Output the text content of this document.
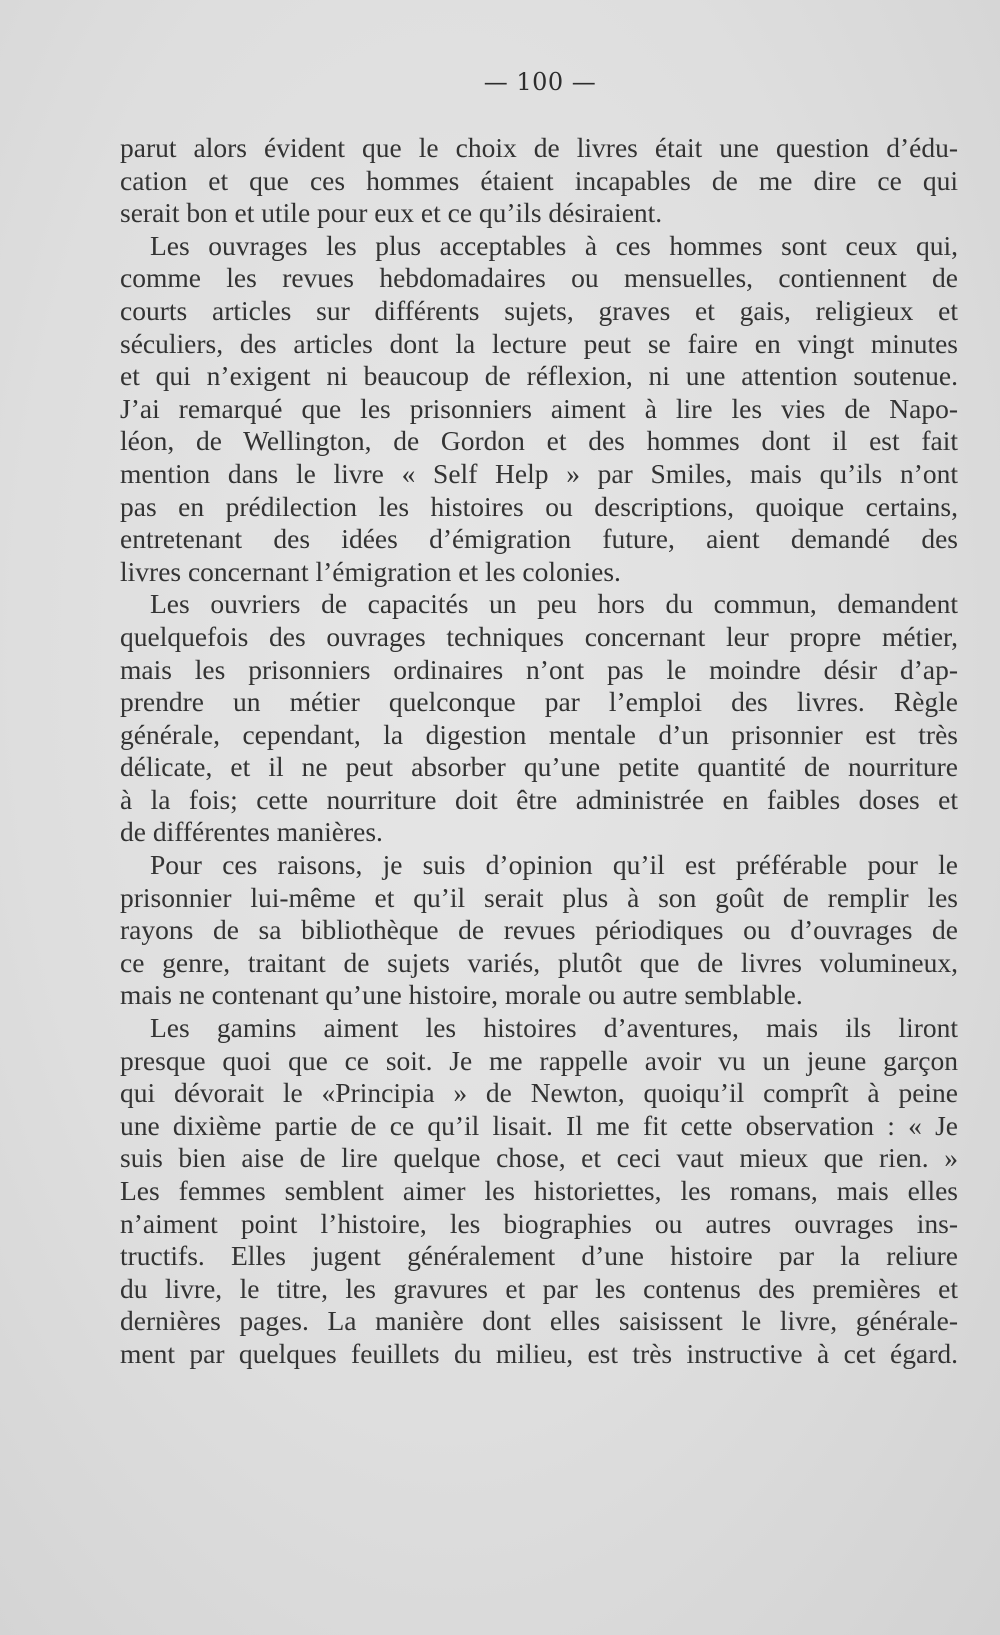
— 100 —
parut alors évident que le choix de livres était une question d’édu-
cation et que ces hommes étaient incapables de me dire ce qui
serait bon et utile pour eux et ce qu’ils désiraient.
Les ouvrages les plus acceptables à ces hommes sont ceux qui,
comme les revues hebdomadaires ou mensuelles, contiennent de
courts articles sur différents sujets, graves et gais, religieux et
séculiers, des articles dont la lecture peut se faire en vingt minutes
et qui n’exigent ni beaucoup de réflexion, ni une attention soutenue.
J’ai remarqué que les prisonniers aiment à lire les vies de Napo-
léon, de Wellington, de Gordon et des hommes dont il est fait
mention dans le livre « Self Help » par Smiles, mais qu’ils n’ont
pas en prédilection les histoires ou descriptions, quoique certains,
entretenant des idées d’émigration future, aient demandé des
livres concernant l’émigration et les colonies.
Les ouvriers de capacités un peu hors du commun, demandent
quelquefois des ouvrages techniques concernant leur propre métier,
mais les prisonniers ordinaires n’ont pas le moindre désir d’ap-
prendre un métier quelconque par l’emploi des livres. Règle
générale, cependant, la digestion mentale d’un prisonnier est très
délicate, et il ne peut absorber qu’une petite quantité de nourriture
à la fois; cette nourriture doit être administrée en faibles doses et
de différentes manières.
Pour ces raisons, je suis d’opinion qu’il est préférable pour le
prisonnier lui-même et qu’il serait plus à son goût de remplir les
rayons de sa bibliothèque de revues périodiques ou d’ouvrages de
ce genre, traitant de sujets variés, plutôt que de livres volumineux,
mais ne contenant qu’une histoire, morale ou autre semblable.
Les gamins aiment les histoires d’aventures, mais ils liront
presque quoi que ce soit. Je me rappelle avoir vu un jeune garçon
qui dévorait le «Principia » de Newton, quoiqu’il comprît à peine
une dixième partie de ce qu’il lisait. Il me fit cette observation : « Je
suis bien aise de lire quelque chose, et ceci vaut mieux que rien. »
Les femmes semblent aimer les historiettes, les romans, mais elles
n’aiment point l’histoire, les biographies ou autres ouvrages ins-
tructifs. Elles jugent généralement d’une histoire par la reliure
du livre, le titre, les gravures et par les contenus des premières et
dernières pages. La manière dont elles saisissent le livre, générale-
ment par quelques feuillets du milieu, est très instructive à cet égard.
